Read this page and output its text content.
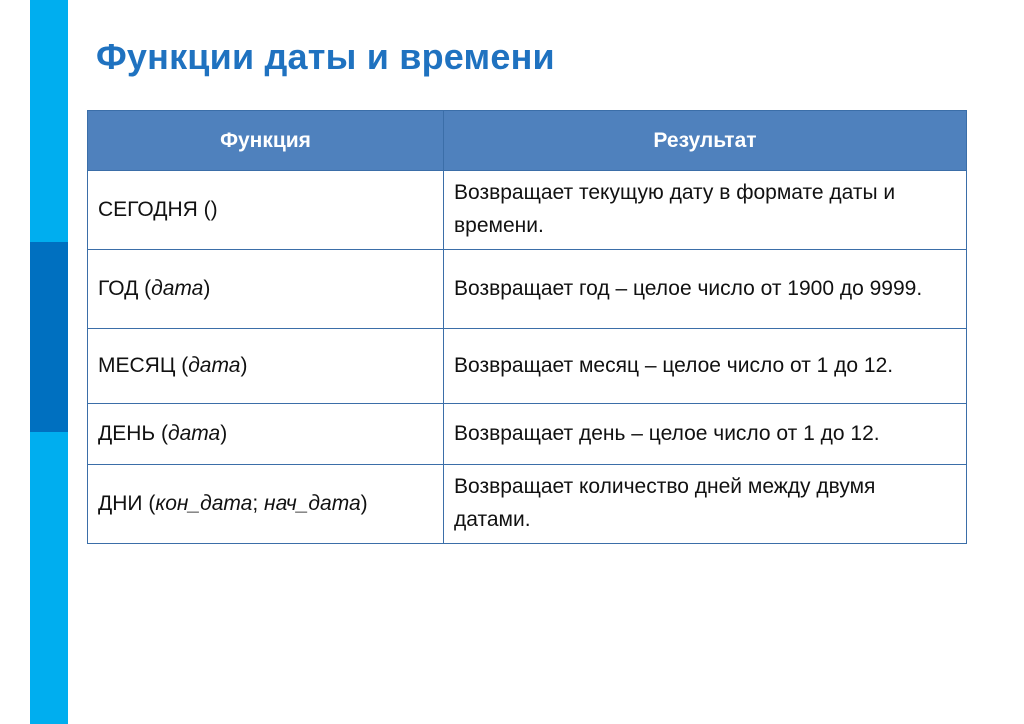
Функции даты и времени
Функция	Результат
СЕГОДНЯ ()	Возвращает текущую дату в формате даты и времени.
ГОД (дата)	Возвращает год – целое число от 1900 до 9999.
МЕСЯЦ (дата)	Возвращает месяц – целое число от 1 до 12.
ДЕНЬ (дата)	Возвращает день – целое число от 1 до 12.
ДНИ (кон_дата; нач_дата)	Возвращает количество дней между двумя датами.
